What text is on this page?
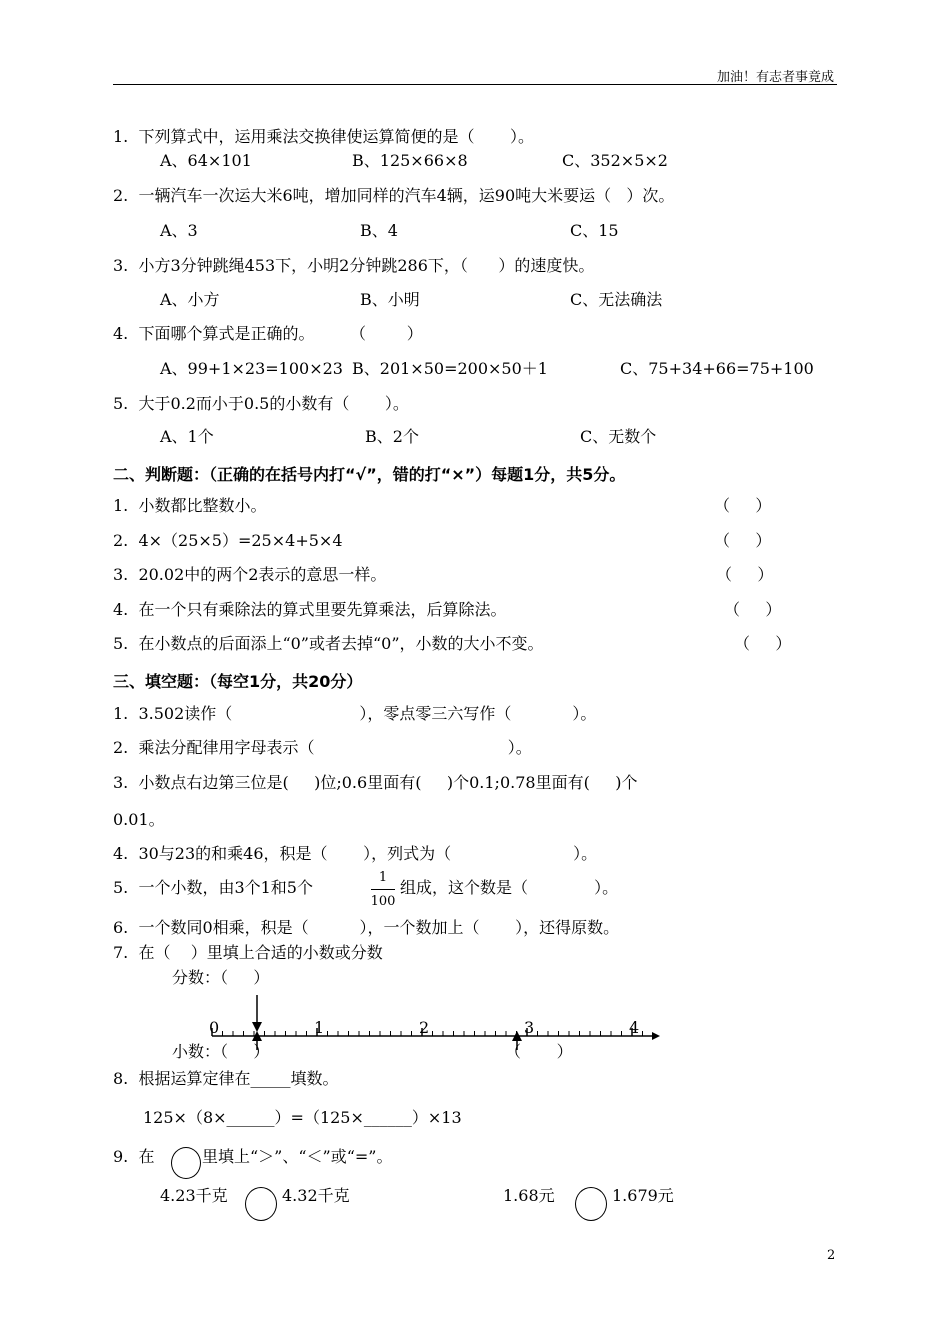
加油！有志者事竟成
1.  下列算式中，运用乘法交换律使运算简便的是（       ）。
A、64×101	B、125×66×8	C、352×5×2
2.  一辆汽车一次运大米6吨，增加同样的汽车4辆，运90吨大米要运（   ）次。
A、3	B、4	C、15
3.  小方3分钟跳绳453下，小明2分钟跳286下，（      ）的速度快。
A、小方	B、小明	C、无法确法
4.  下面哪个算式是正确的。       （        ）
A、99+1×23=100×23 B、201×50=200×50＋1	C、75+34+66=75+100
5.  大于0.2而小于0.5的小数有（       ）。
A、1个	B、2个	C、无数个
二、判断题：（正确的在括号内打“√”，错的打“×”）每题1分，共5分。
1.  小数都比整数小。	（     ）
2.  4×（25×5）=25×4+5×4	（     ）
3.  20.02中的两个2表示的意思一样。	（     ）
4.  在一个只有乘除法的算式里要先算乘法，后算除法。	（     ）
5.  在小数点的后面添上“0”或者去掉“0”，小数的大小不变。	（     ）
三、填空题：（每空1分，共20分）
1.  3.502读作（                         ），零点零三六写作（            ）。
2.  乘法分配律用字母表示（                                      ）。
3.  小数点右边第三位是(     )位;0.6里面有(     )个0.1;0.78里面有(     )个
0.01。
4.  30与23的和乘46，积是（       ），列式为（                        ）。
5.  一个小数，由3个1和5个
1
100
组成，这个数是（             ）。
6.  一个数同0相乘，积是（          ），一个数加上（       ），还得原数。
7.  在（    ）里填上合适的小数或分数
分数：（     ）
0	1	2	3	4
小数：（     ）	（       ）
8.  根据运算定律在_____填数。
125×（8×______）=（125×______）×13
9.  在	里填上“＞”、“＜”或“=”。
4.23千克	4.32千克	1.68元	1.679元
2
